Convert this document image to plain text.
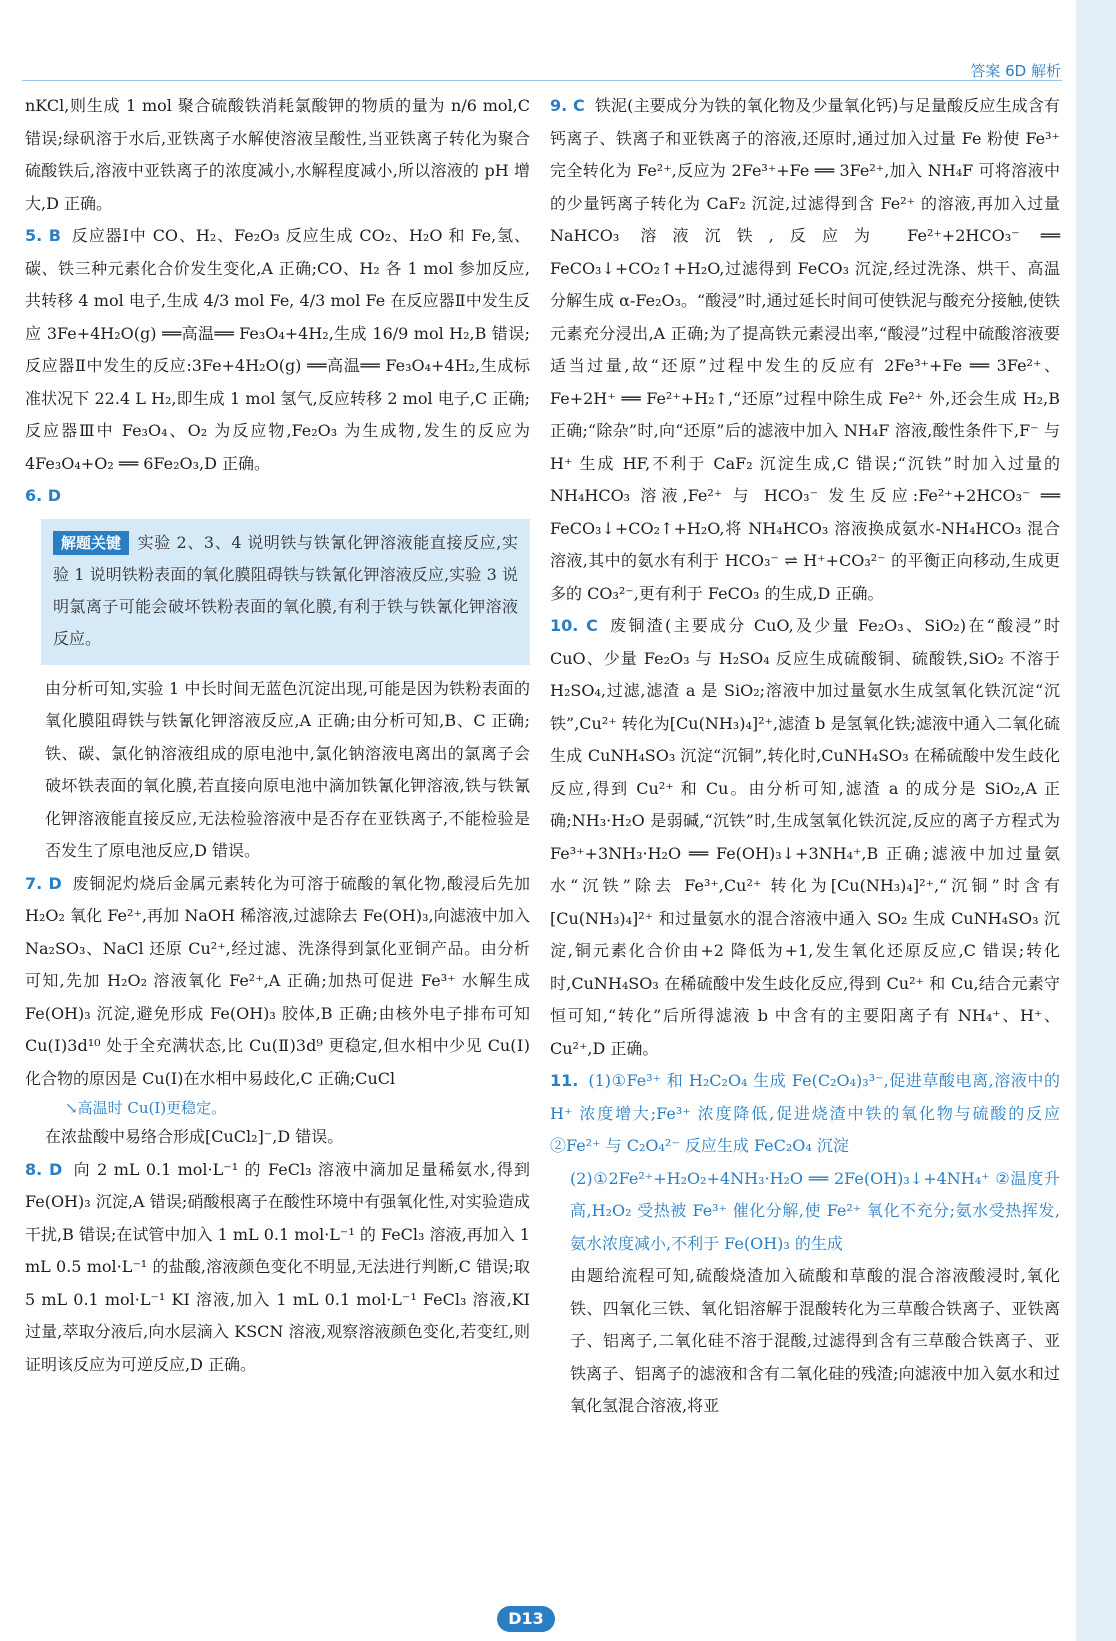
答案 6D 解析

nKCl,则生成 1 mol 聚合硫酸铁消耗氯酸钾的物质的量为 n/6 mol,C 错误;绿矾溶于水后,亚铁离子水解使溶液呈酸性,当亚铁离子转化为聚合硫酸铁后,溶液中亚铁离子的浓度减小,水解程度减小,所以溶液的 pH 增大,D 正确。

5. B 反应器Ⅰ中 CO、H₂、Fe₂O₃ 反应生成 CO₂、H₂O 和 Fe,氢、碳、铁三种元素化合价发生变化,A 正确;CO、H₂ 各 1 mol 参加反应,共转移 4 mol 电子,生成 4/3 mol Fe, 4/3 mol Fe 在反应器Ⅱ中发生反应 3Fe+4H₂O(g) ══高温══ Fe₃O₄+4H₂,生成 16/9 mol H₂,B 错误;反应器Ⅱ中发生的反应:3Fe+4H₂O(g) ══高温══ Fe₃O₄+4H₂,生成标准状况下 22.4 L H₂,即生成 1 mol 氢气,反应转移 2 mol 电子,C 正确;反应器Ⅲ中 Fe₃O₄、O₂ 为反应物,Fe₂O₃ 为生成物,发生的反应为 4Fe₃O₄+O₂ ══ 6Fe₂O₃,D 正确。

6. D
解题关键 实验 2、3、4 说明铁与铁氰化钾溶液能直接反应,实验 1 说明铁粉表面的氧化膜阻碍铁与铁氰化钾溶液反应,实验 3 说明氯离子可能会破坏铁粉表面的氧化膜,有利于铁与铁氰化钾溶液反应。

由分析可知,实验 1 中长时间无蓝色沉淀出现,可能是因为铁粉表面的氧化膜阻碍铁与铁氰化钾溶液反应,A 正确;由分析可知,B、C 正确;铁、碳、氯化钠溶液组成的原电池中,氯化钠溶液电离出的氯离子会破坏铁表面的氧化膜,若直接向原电池中滴加铁氰化钾溶液,铁与铁氰化钾溶液能直接反应,无法检验溶液中是否存在亚铁离子,不能检验是否发生了原电池反应,D 错误。

7. D 废铜泥灼烧后金属元素转化为可溶于硫酸的氧化物,酸浸后先加 H₂O₂ 氧化 Fe²⁺,再加 NaOH 稀溶液,过滤除去 Fe(OH)₃,向滤液中加入 Na₂SO₃、NaCl 还原 Cu²⁺,经过滤、洗涤得到氯化亚铜产品。由分析可知,先加 H₂O₂ 溶液氧化 Fe²⁺,A 正确;加热可促进 Fe³⁺ 水解生成 Fe(OH)₃ 沉淀,避免形成 Fe(OH)₃ 胶体,B 正确;由核外电子排布可知 Cu(Ⅰ)3d¹⁰ 处于全充满状态,比 Cu(Ⅱ)3d⁹ 更稳定,但水相中少见 Cu(Ⅰ)化合物的原因是 Cu(Ⅰ)在水相中易歧化,C 正确;CuCl

↘高温时 Cu(Ⅰ)更稳定。

在浓盐酸中易络合形成[CuCl₂]⁻,D 错误。

8. D 向 2 mL 0.1 mol·L⁻¹ 的 FeCl₃ 溶液中滴加足量稀氨水,得到 Fe(OH)₃ 沉淀,A 错误;硝酸根离子在酸性环境中有强氧化性,对实验造成干扰,B 错误;在试管中加入 1 mL 0.1 mol·L⁻¹ 的 FeCl₃ 溶液,再加入 1 mL 0.5 mol·L⁻¹ 的盐酸,溶液颜色变化不明显,无法进行判断,C 错误;取 5 mL 0.1 mol·L⁻¹ KI 溶液,加入 1 mL 0.1 mol·L⁻¹ FeCl₃ 溶液,KI 过量,萃取分液后,向水层滴入 KSCN 溶液,观察溶液颜色变化,若变红,则证明该反应为可逆反应,D 正确。

9. C 铁泥(主要成分为铁的氧化物及少量氧化钙)与足量酸反应生成含有钙离子、铁离子和亚铁离子的溶液,还原时,通过加入过量 Fe 粉使 Fe³⁺ 完全转化为 Fe²⁺,反应为 2Fe³⁺+Fe ══ 3Fe²⁺,加入 NH₄F 可将溶液中的少量钙离子转化为 CaF₂ 沉淀,过滤得到含 Fe²⁺ 的溶液,再加入过量 NaHCO₃ 溶液沉铁,反应为 Fe²⁺+2HCO₃⁻ ══ FeCO₃↓+CO₂↑+H₂O,过滤得到 FeCO₃ 沉淀,经过洗涤、烘干、高温分解生成 α-Fe₂O₃。“酸浸”时,通过延长时间可使铁泥与酸充分接触,使铁元素充分浸出,A 正确;为了提高铁元素浸出率,“酸浸”过程中硫酸溶液要适当过量,故“还原”过程中发生的反应有 2Fe³⁺+Fe ══ 3Fe²⁺、Fe+2H⁺ ══ Fe²⁺+H₂↑,“还原”过程中除生成 Fe²⁺ 外,还会生成 H₂,B 正确;“除杂”时,向“还原”后的滤液中加入 NH₄F 溶液,酸性条件下,F⁻ 与 H⁺ 生成 HF,不利于 CaF₂ 沉淀生成,C 错误;“沉铁”时加入过量的 NH₄HCO₃ 溶液,Fe²⁺ 与 HCO₃⁻ 发生反应:Fe²⁺+2HCO₃⁻ ══ FeCO₃↓+CO₂↑+H₂O,将 NH₄HCO₃ 溶液换成氨水-NH₄HCO₃ 混合溶液,其中的氨水有利于 HCO₃⁻ ⇌ H⁺+CO₃²⁻ 的平衡正向移动,生成更多的 CO₃²⁻,更有利于 FeCO₃ 的生成,D 正确。

10. C 废铜渣(主要成分 CuO,及少量 Fe₂O₃、SiO₂)在“酸浸”时 CuO、少量 Fe₂O₃ 与 H₂SO₄ 反应生成硫酸铜、硫酸铁,SiO₂ 不溶于 H₂SO₄,过滤,滤渣 a 是 SiO₂;溶液中加过量氨水生成氢氧化铁沉淀“沉铁”,Cu²⁺ 转化为[Cu(NH₃)₄]²⁺,滤渣 b 是氢氧化铁;滤液中通入二氧化硫生成 CuNH₄SO₃ 沉淀“沉铜”,转化时,CuNH₄SO₃ 在稀硫酸中发生歧化反应,得到 Cu²⁺ 和 Cu。由分析可知,滤渣 a 的成分是 SiO₂,A 正确;NH₃·H₂O 是弱碱,“沉铁”时,生成氢氧化铁沉淀,反应的离子方程式为 Fe³⁺+3NH₃·H₂O ══ Fe(OH)₃↓+3NH₄⁺,B 正确;滤液中加过量氨水“沉铁”除去 Fe³⁺,Cu²⁺ 转化为[Cu(NH₃)₄]²⁺,“沉铜”时含有[Cu(NH₃)₄]²⁺ 和过量氨水的混合溶液中通入 SO₂ 生成 CuNH₄SO₃ 沉淀,铜元素化合价由+2 降低为+1,发生氧化还原反应,C 错误;转化时,CuNH₄SO₃ 在稀硫酸中发生歧化反应,得到 Cu²⁺ 和 Cu,结合元素守恒可知,“转化”后所得滤液 b 中含有的主要阳离子有 NH₄⁺、H⁺、Cu²⁺,D 正确。

11. (1)①Fe³⁺ 和 H₂C₂O₄ 生成 Fe(C₂O₄)₃³⁻,促进草酸电离,溶液中的 H⁺ 浓度增大;Fe³⁺ 浓度降低,促进烧渣中铁的氧化物与硫酸的反应 ②Fe²⁺ 与 C₂O₄²⁻ 反应生成 FeC₂O₄ 沉淀

(2)①2Fe²⁺+H₂O₂+4NH₃·H₂O ══ 2Fe(OH)₃↓+4NH₄⁺ ②温度升高,H₂O₂ 受热被 Fe³⁺ 催化分解,使 Fe²⁺ 氧化不充分;氨水受热挥发,氨水浓度减小,不利于 Fe(OH)₃ 的生成

由题给流程可知,硫酸烧渣加入硫酸和草酸的混合溶液酸浸时,氧化铁、四氧化三铁、氧化铝溶解于混酸转化为三草酸合铁离子、亚铁离子、铝离子,二氧化硅不溶于混酸,过滤得到含有三草酸合铁离子、亚铁离子、铝离子的滤液和含有二氧化硅的残渣;向滤液中加入氨水和过氧化氢混合溶液,将亚

D13
